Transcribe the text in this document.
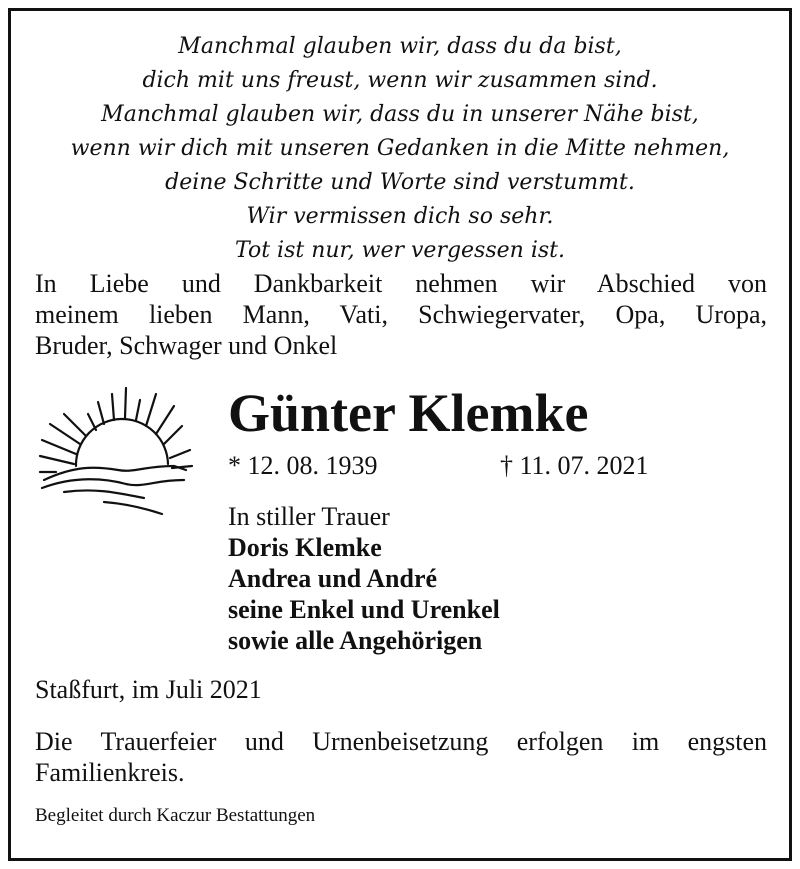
Manchmal glauben wir, dass du da bist,
dich mit uns freust, wenn wir zusammen sind.
Manchmal glauben wir, dass du in unserer Nähe bist,
wenn wir dich mit unseren Gedanken in die Mitte nehmen,
deine Schritte und Worte sind verstummt.
Wir vermissen dich so sehr.
Tot ist nur, wer vergessen ist.
In Liebe und Dankbarkeit nehmen wir Abschied von
meinem lieben Mann, Vati, Schwiegervater, Opa, Uropa,
Bruder, Schwager und Onkel
Günter Klemke
* 12. 08. 1939	† 11. 07. 2021
In stiller Trauer
Doris Klemke
Andrea und André
seine Enkel und Urenkel
sowie alle Angehörigen
Staßfurt, im Juli 2021
Die Trauerfeier und Urnenbeisetzung erfolgen im engsten
Familienkreis.
Begleitet durch Kaczur Bestattungen
